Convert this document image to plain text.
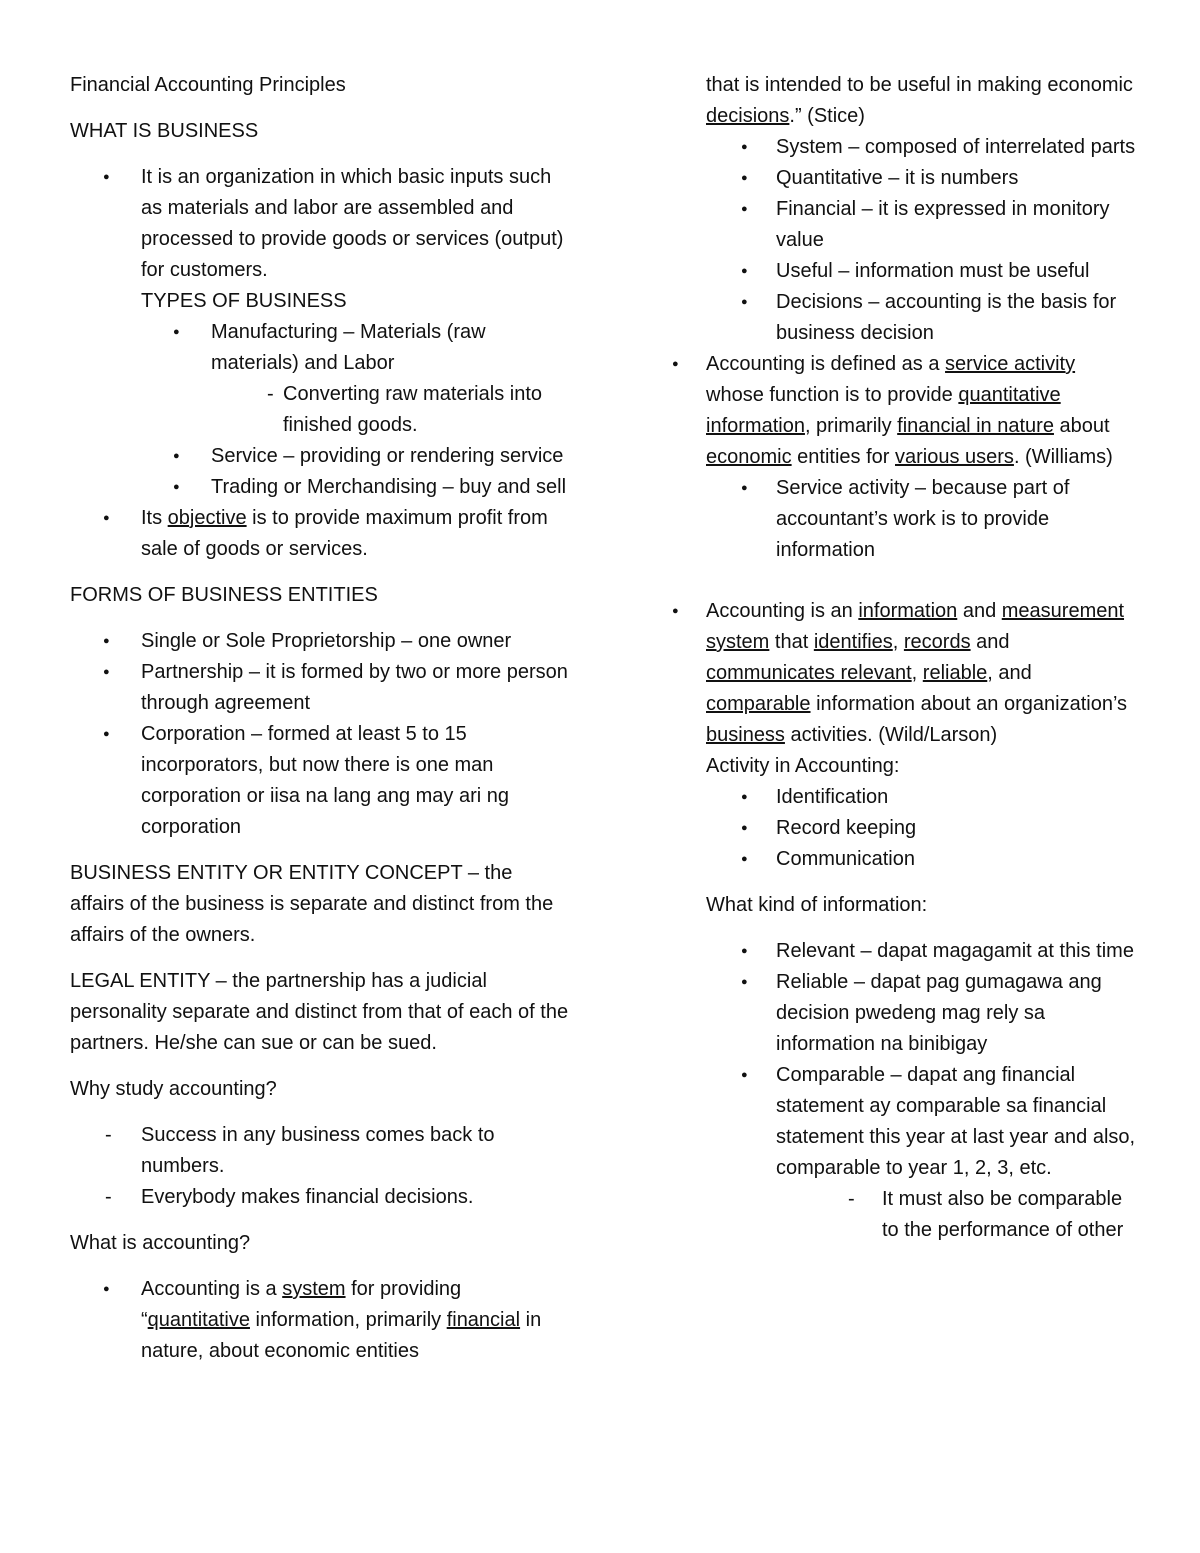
Financial Accounting Principles

WHAT IS BUSINESS

● It is an organization in which basic inputs such as materials and labor are assembled and processed to provide goods or services (output) for customers.

TYPES OF BUSINESS

● Manufacturing – Materials (raw materials) and Labor

- Converting raw materials into finished goods.

● Service – providing or rendering service
● Trading or Merchandising – buy and sell
● Its objective is to provide maximum profit from sale of goods or services.

FORMS OF BUSINESS ENTITIES

● Single or Sole Proprietorship – one owner
● Partnership – it is formed by two or more person through agreement
● Corporation – formed at least 5 to 15 incorporators, but now there is one man corporation or iisa na lang ang may ari ng corporation

BUSINESS ENTITY OR ENTITY CONCEPT – the affairs of the business is separate and distinct from the affairs of the owners.

LEGAL ENTITY – the partnership has a judicial personality separate and distinct from that of each of the partners. He/she can sue or can be sued.

Why study accounting?

- Success in any business comes back to numbers.
- Everybody makes financial decisions.

What is accounting?

● Accounting is a system for providing “quantitative information, primarily financial in nature, about economic entities

that is intended to be useful in making economic decisions.” (Stice)

● System – composed of interrelated parts
● Quantitative – it is numbers
● Financial – it is expressed in monitory value
● Useful – information must be useful
● Decisions – accounting is the basis for business decision
● Accounting is defined as a service activity whose function is to provide quantitative information, primarily financial in nature about economic entities for various users. (Williams)
● Service activity – because part of accountant’s work is to provide information
● Accounting is an information and measurement system that identifies, records and communicates relevant, reliable, and comparable information about an organization’s business activities. (Wild/Larson)

Activity in Accounting:

● Identification
● Record keeping
● Communication

What kind of information:

● Relevant – dapat magagamit at this time
● Reliable – dapat pag gumagawa ang decision pwedeng mag rely sa information na binibigay
● Comparable – dapat ang financial statement ay comparable sa financial statement this year at last year and also, comparable to year 1, 2, 3, etc.

- It must also be comparable to the performance of other
